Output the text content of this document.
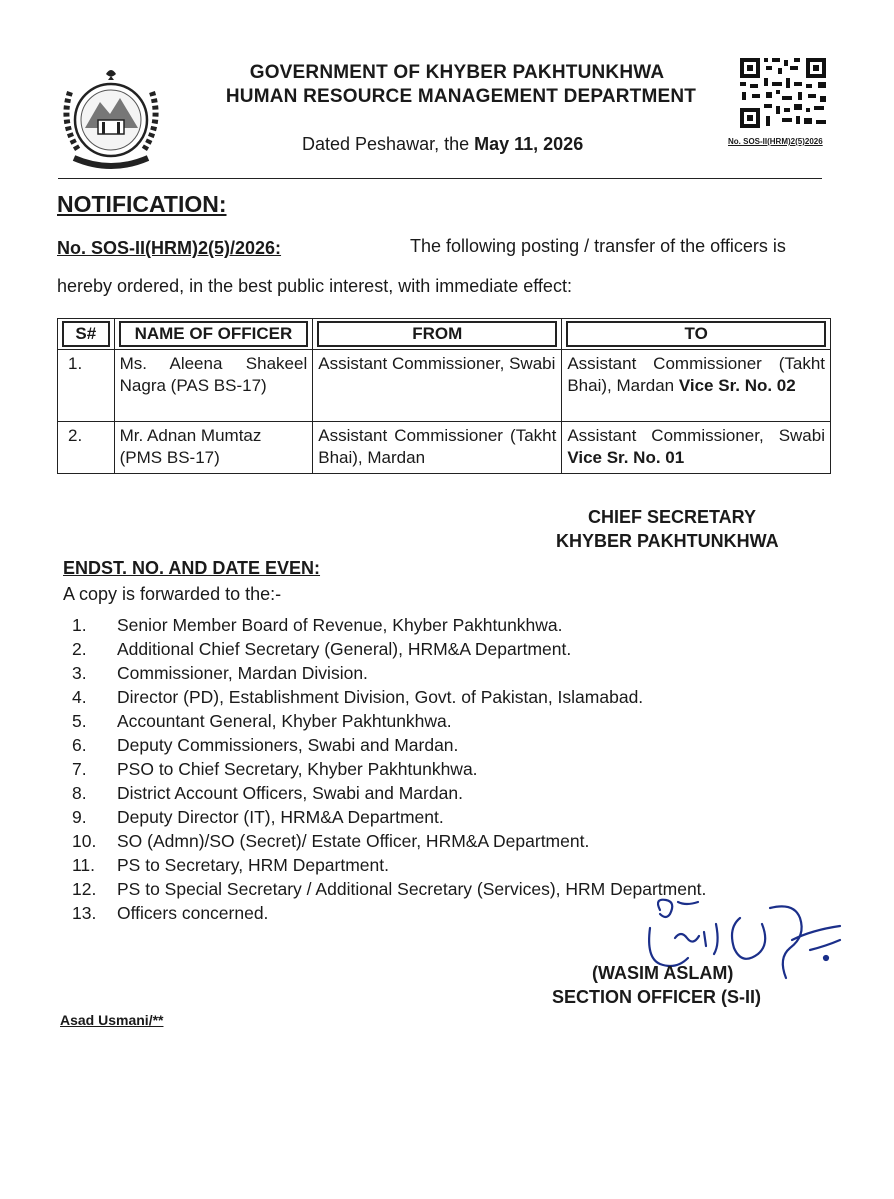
GOVERNMENT OF KHYBER PAKHTUNKHWA
HUMAN RESOURCE MANAGEMENT DEPARTMENT
Dated Peshawar, the May 11, 2026	No. SOS-II(HRM)2(5)2026
NOTIFICATION:
No. SOS-II(HRM)2(5)/2026:	The following posting / transfer of the officers is
hereby ordered, in the best public interest, with immediate effect:
S#	NAME OF OFFICER	FROM	TO

1.	Ms. Aleena Shakeel Nagra (PAS BS-17)	Assistant Commissioner, Swabi	Assistant Commissioner (Takht Bhai), Mardan Vice Sr. No. 02
2.	Mr. Adnan Mumtaz (PMS BS-17)	Assistant Commissioner (Takht Bhai), Mardan	Assistant Commissioner, Swabi Vice Sr. No. 01
CHIEF SECRETARY
KHYBER PAKHTUNKHWA
ENDST. NO. AND DATE EVEN:
A copy is forwarded to the:-
1. Senior Member Board of Revenue, Khyber Pakhtunkhwa.
2. Additional Chief Secretary (General), HRM&A Department.
3. Commissioner, Mardan Division.
4. Director (PD), Establishment Division, Govt. of Pakistan, Islamabad.
5. Accountant General, Khyber Pakhtunkhwa.
6. Deputy Commissioners, Swabi and Mardan.
7. PSO to Chief Secretary, Khyber Pakhtunkhwa.
8. District Account Officers, Swabi and Mardan.
9. Deputy Director (IT), HRM&A Department.
10. SO (Admn)/SO (Secret)/ Estate Officer, HRM&A Department.
11. PS to Secretary, HRM Department.
12. PS to Special Secretary / Additional Secretary (Services), HRM Department.
13. Officers concerned.
(WASIM ASLAM)
SECTION OFFICER (S-II)
Asad Usmani/**
